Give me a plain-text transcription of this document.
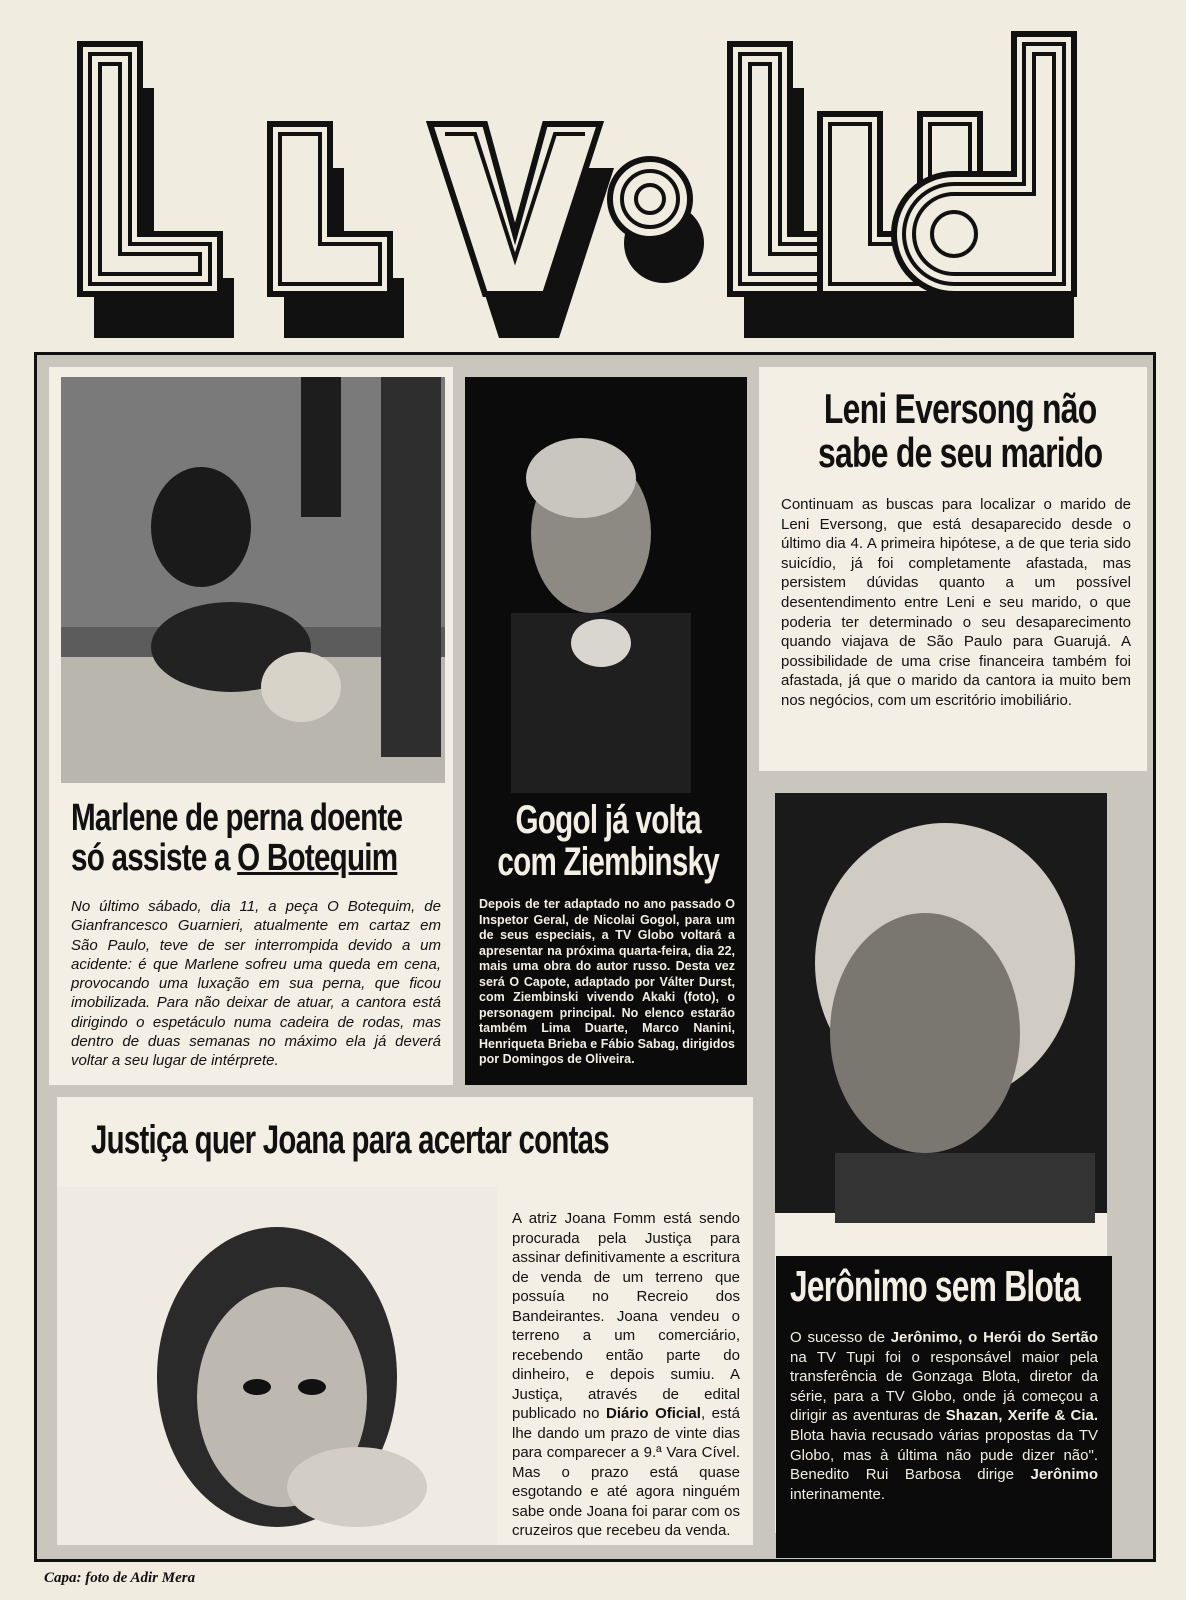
Marlene de perna doente
só assiste a O Botequim
No último sábado, dia 11, a peça O Botequim, de Gianfrancesco Guarnieri, atualmente em cartaz em São Paulo, teve de ser interrompida devido a um acidente: é que Marlene sofreu uma queda em cena, provocando uma luxação em sua perna, que ficou imobilizada. Para não deixar de atuar, a cantora está dirigindo o espetáculo numa cadeira de rodas, mas dentro de duas semanas no máximo ela já deverá voltar a seu lugar de intérprete.
Gogol já volta
com Ziembinsky
Depois de ter adaptado no ano passado O Inspetor Geral, de Nicolai Gogol, para um de seus especiais, a TV Globo voltará a apresentar na próxima quarta-feira, dia 22, mais uma obra do autor russo. Desta vez será O Capote, adaptado por Válter Durst, com Ziembinski vivendo Akaki (foto), o personagem principal. No elenco estarão também Lima Duarte, Marco Nanini, Henriqueta Brieba e Fábio Sabag, dirigidos por Domingos de Oliveira.
Leni Eversong não
sabe de seu marido
Continuam as buscas para localizar o marido de Leni Eversong, que está desaparecido desde o último dia 4. A primeira hipótese, a de que teria sido suicídio, já foi completamente afastada, mas persistem dúvidas quanto a um possível desentendimento entre Leni e seu marido, o que poderia ter determinado o seu desaparecimento quando viajava de São Paulo para Guarujá. A possibilidade de uma crise financeira também foi afastada, já que o marido da cantora ia muito bem nos negócios, com um escritório imobiliário.
Justiça quer Joana para acertar contas
A atriz Joana Fomm está sendo procurada pela Justiça para assinar definitivamente a escritura de venda de um terreno que possuía no Recreio dos Bandeirantes. Joana vendeu o terreno a um comerciário, recebendo então parte do dinheiro, e depois sumiu. A Justiça, através de edital publicado no Diário Oficial, está lhe dando um prazo de vinte dias para comparecer a 9.ª Vara Cível. Mas o prazo está quase esgotando e até agora ninguém sabe onde Joana foi parar com os cruzeiros que recebeu da venda.
Jerônimo sem Blota
O sucesso de Jerônimo, o Herói do Sertão na TV Tupi foi o responsável maior pela transferência de Gonzaga Blota, diretor da série, para a TV Globo, onde já começou a dirigir as aventuras de Shazan, Xerife & Cia. Blota havia recusado várias propostas da TV Globo, mas à última não pude dizer não". Benedito Rui Barbosa dirige Jerônimo interinamente.
Capa: foto de Adir Mera
